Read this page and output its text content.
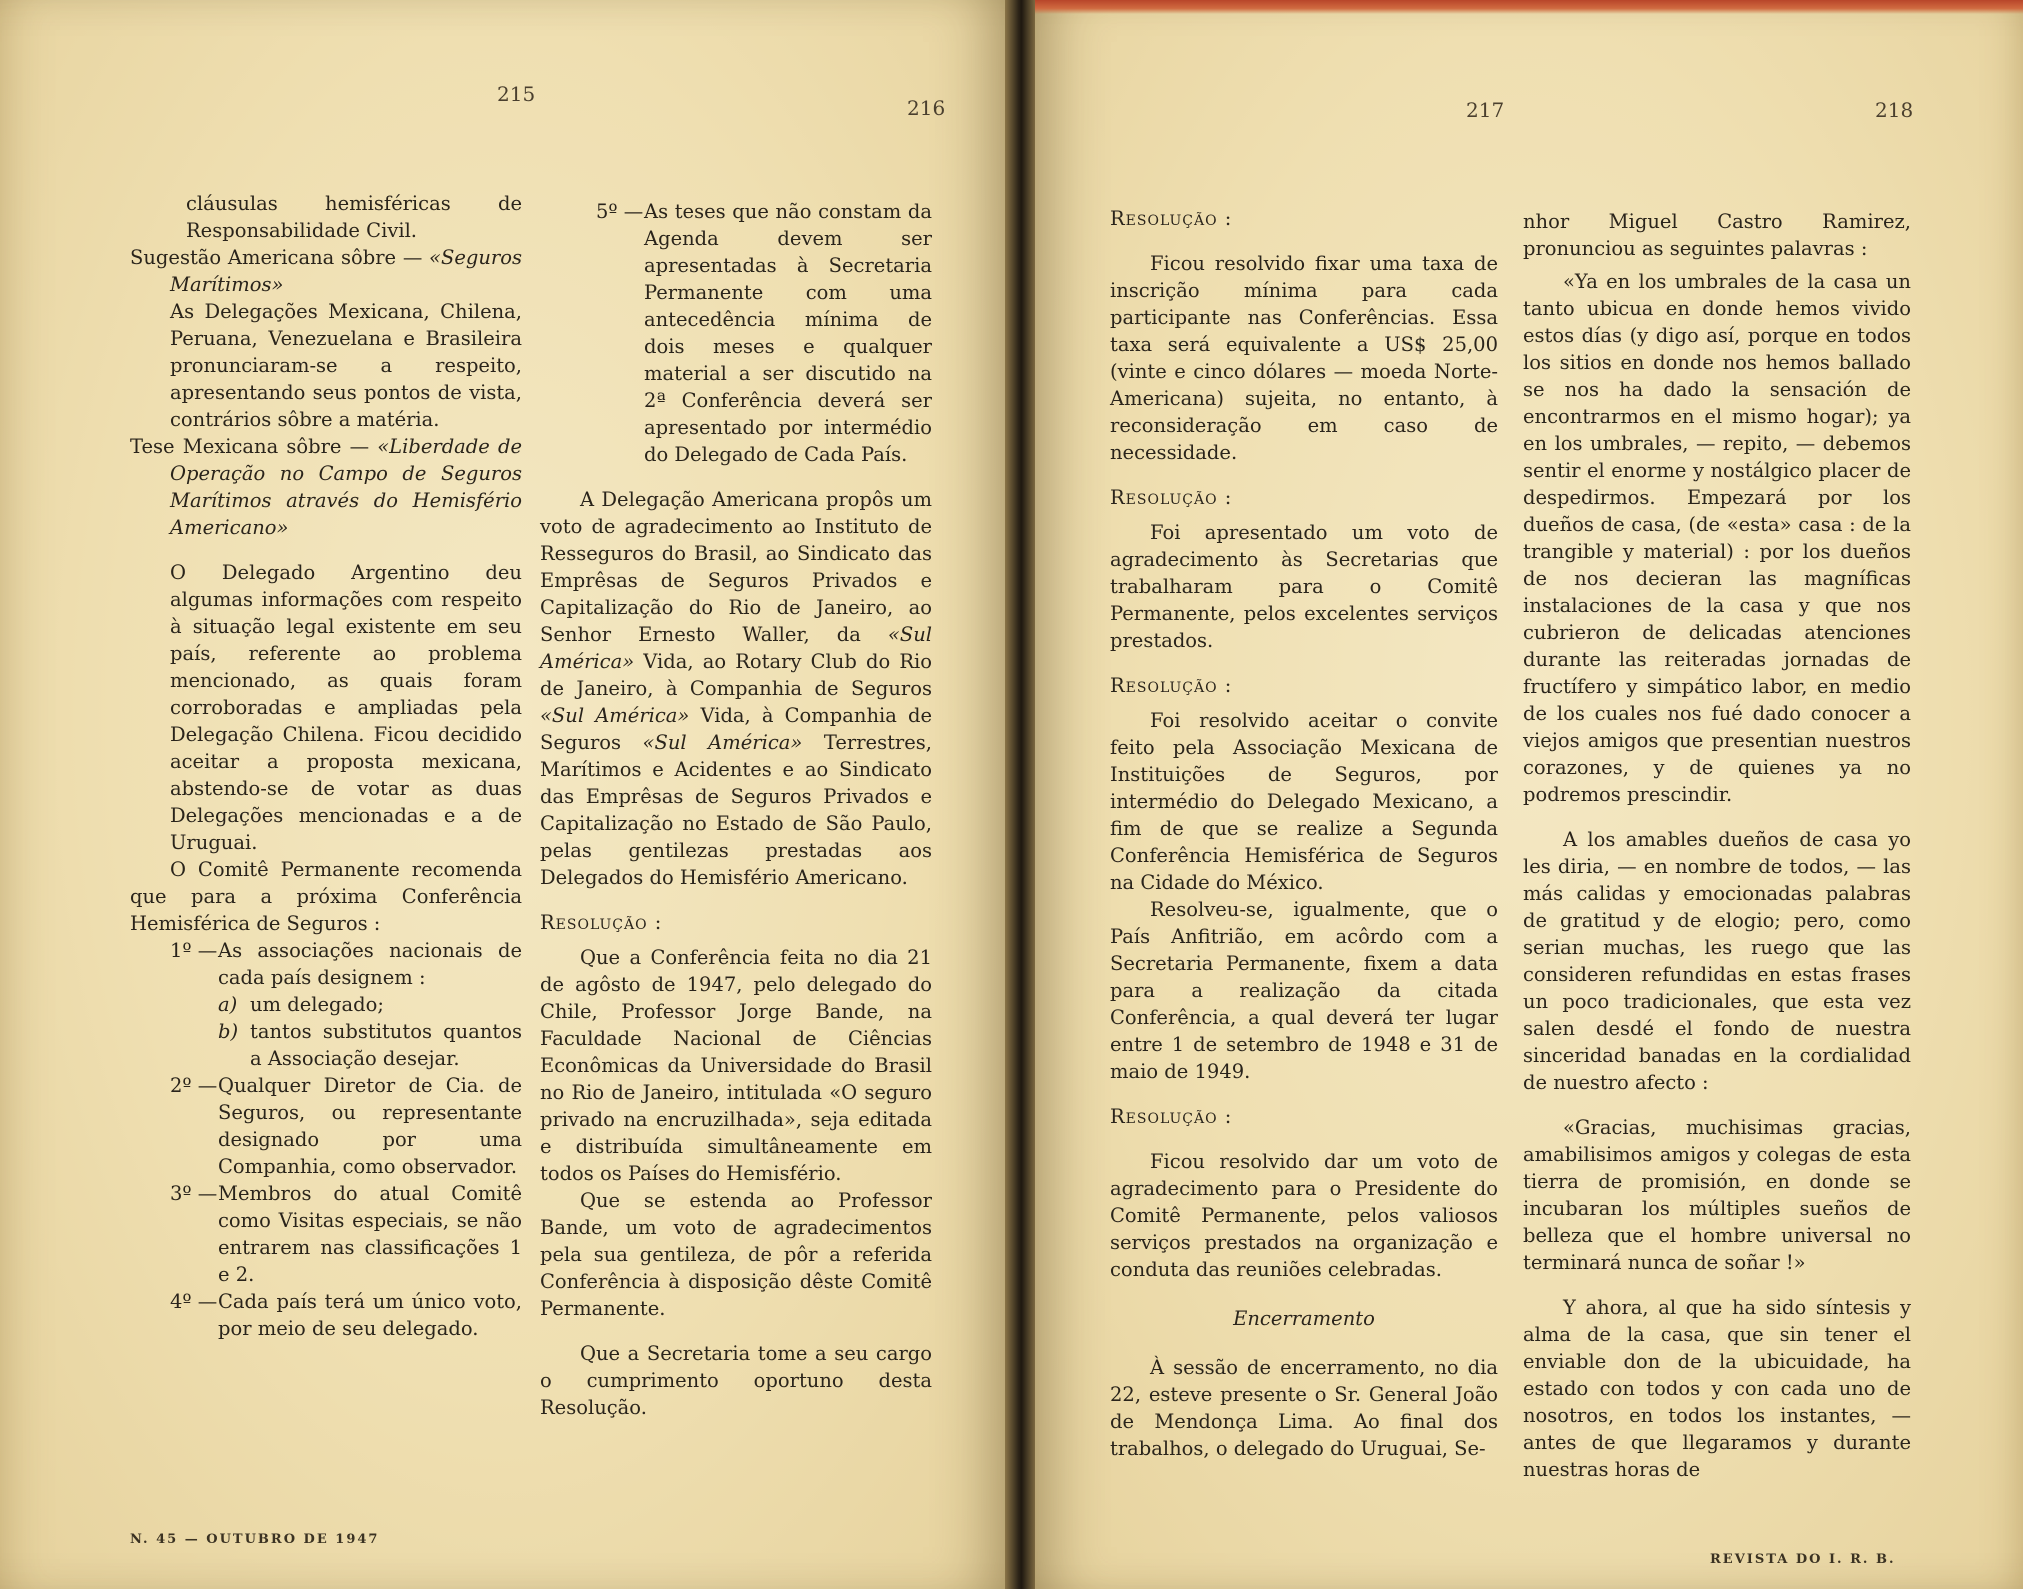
215
216	217	218

cláusulas hemisféricas de Responsabilidade Civil.

Sugestão Americana sôbre — «Seguros Marítimos»

As Delegações Mexicana, Chilena, Peruana, Venezuelana e Brasileira pronunciaram-se a respeito, apresentando seus pontos de vista, contrários sôbre a matéria.

Tese Mexicana sôbre — «Liberdade de Operação no Campo de Seguros Marítimos através do Hemisfério Americano»

O Delegado Argentino deu algumas informações com respeito à situação legal existente em seu país, referente ao problema mencionado, as quais foram corroboradas e ampliadas pela Delegação Chilena. Ficou decidido aceitar a proposta mexicana, abstendo-se de votar as duas Delegações mencionadas e a de Uruguai.

O Comitê Permanente recomenda que para a próxima Conferência Hemisférica de Seguros :

1º — As associações nacionais de cada país designem :
a) um delegado;
b) tantos substitutos quantos a Associação desejar.
2º — Qualquer Diretor de Cia. de Seguros, ou representante designado por uma Companhia, como observador.
3º — Membros do atual Comitê como Visitas especiais, se não entrarem nas classificações 1 e 2.
4º — Cada país terá um único voto, por meio de seu delegado.
5º — As teses que não constam da Agenda devem ser apresentadas à Secretaria Permanente com uma antecedência mínima de dois meses e qualquer material a ser discutido na 2ª Conferência deverá ser apresentado por intermédio do Delegado de Cada País.

A Delegação Americana propôs um voto de agradecimento ao Instituto de Resseguros do Brasil, ao Sindicato das Emprêsas de Seguros Privados e Capitalização do Rio de Janeiro, ao Senhor Ernesto Waller, da «Sul América» Vida, ao Rotary Club do Rio de Janeiro, à Companhia de Seguros «Sul América» Vida, à Companhia de Seguros «Sul América» Terrestres, Marítimos e Acidentes e ao Sindicato das Emprêsas de Seguros Privados e Capitalização no Estado de São Paulo, pelas gentilezas prestadas aos Delegados do Hemisfério Americano.

Resolução :

Que a Conferência feita no dia 21 de agôsto de 1947, pelo delegado do Chile, Professor Jorge Bande, na Faculdade Nacional de Ciências Econômicas da Universidade do Brasil no Rio de Janeiro, intitulada «O seguro privado na encruzilhada», seja editada e distribuída simultâneamente em todos os Países do Hemisfério.

Que se estenda ao Professor Bande, um voto de agradecimentos pela sua gentileza, de pôr a referida Conferência à disposição dêste Comitê Permanente.

Que a Secretaria tome a seu cargo o cumprimento oportuno desta Resolução.

Resolução :

Ficou resolvido fixar uma taxa de inscrição mínima para cada participante nas Conferências. Essa taxa será equivalente a US$ 25,00 (vinte e cinco dólares — moeda Norte-Americana) sujeita, no entanto, à reconsideração em caso de necessidade.

Resolução :

Foi apresentado um voto de agradecimento às Secretarias que trabalharam para o Comitê Permanente, pelos excelentes serviços prestados.

Resolução :

Foi resolvido aceitar o convite feito pela Associação Mexicana de Instituições de Seguros, por intermédio do Delegado Mexicano, a fim de que se realize a Segunda Conferência Hemisférica de Seguros na Cidade do México.

Resolveu-se, igualmente, que o País Anfitrião, em acôrdo com a Secretaria Permanente, fixem a data para a realização da citada Conferência, a qual deverá ter lugar entre 1 de setembro de 1948 e 31 de maio de 1949.

Resolução :

Ficou resolvido dar um voto de agradecimento para o Presidente do Comitê Permanente, pelos valiosos serviços prestados na organização e conduta das reuniões celebradas.

Encerramento

À sessão de encerramento, no dia 22, esteve presente o Sr. General João de Mendonça Lima. Ao final dos trabalhos, o delegado do Uruguai, Se-

nhor Miguel Castro Ramirez, pronunciou as seguintes palavras :

«Ya en los umbrales de la casa un tanto ubicua en donde hemos vivido estos días (y digo así, porque en todos los sitios en donde nos hemos ballado se nos ha dado la sensación de encontrarmos en el mismo hogar); ya en los umbrales, — repito, — debemos sentir el enorme y nostálgico placer de despedirmos. Empezará por los dueños de casa, (de «esta» casa : de la trangible y material) : por los dueños de nos decieran las magníficas instalaciones de la casa y que nos cubrieron de delicadas atenciones durante las reiteradas jornadas de fructífero y simpático labor, en medio de los cuales nos fué dado conocer a viejos amigos que presentian nuestros corazones, y de quienes ya no podremos prescindir.

A los amables dueños de casa yo les diria, — en nombre de todos, — las más calidas y emocionadas palabras de gratitud y de elogio; pero, como serian muchas, les ruego que las consideren refundidas en estas frases un poco tradicionales, que esta vez salen desdé el fondo de nuestra sinceridad banadas en la cordialidad de nuestro afecto :

«Gracias, muchisimas gracias, amabilisimos amigos y colegas de esta tierra de promisión, en donde se incubaran los múltiples sueños de belleza que el hombre universal no terminará nunca de soñar !»

Y ahora, al que ha sido síntesis y alma de la casa, que sin tener el enviable don de la ubicuidade, ha estado con todos y con cada uno de nosotros, en todos los instantes, — antes de que llegaramos y durante nuestras horas de

N. 45 — OUTUBRO DE 1947
REVISTA DO I. R. B.
